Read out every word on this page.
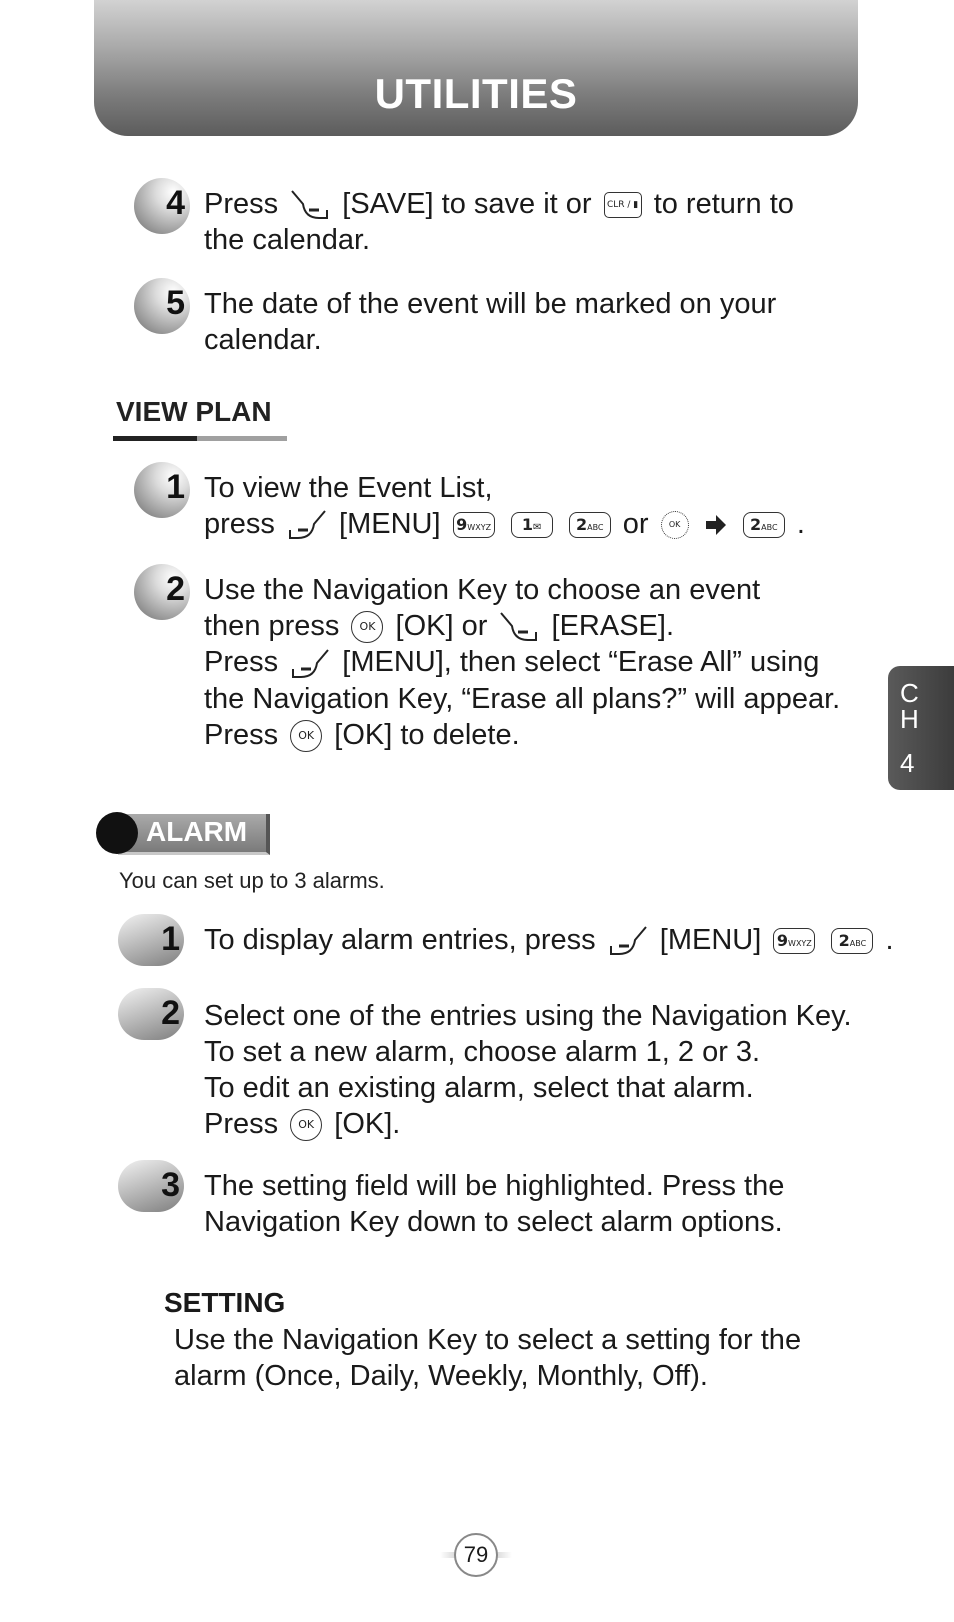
UTILITIES
4 Press [SAVE] to save it or CLR / ▮ to return to
the calendar.
5 The date of the event will be marked on your
calendar.
VIEW PLAN
1 To view the Event List,
press [MENU] 9WXYZ 1✉ 2ABC or	OK	2ABC .
2 Use the Navigation Key to choose an event
then press OK [OK] or [ERASE].
Press [MENU], then select “Erase All” using
the Navigation Key, “Erase all plans?” will appear.
Press OK [OK] to delete.
C
H
4
ALARM
You can set up to 3 alarms.
1 To display alarm entries, press [MENU] 9WXYZ 2ABC .
2 Select one of the entries using the Navigation Key.
To set a new alarm, choose alarm 1, 2 or 3.
To edit an existing alarm, select that alarm.
Press OK [OK].
3 The setting field will be highlighted. Press the
Navigation Key down to select alarm options.
SETTING
Use the Navigation Key to select a setting for the
alarm (Once, Daily, Weekly, Monthly, Off).
79
